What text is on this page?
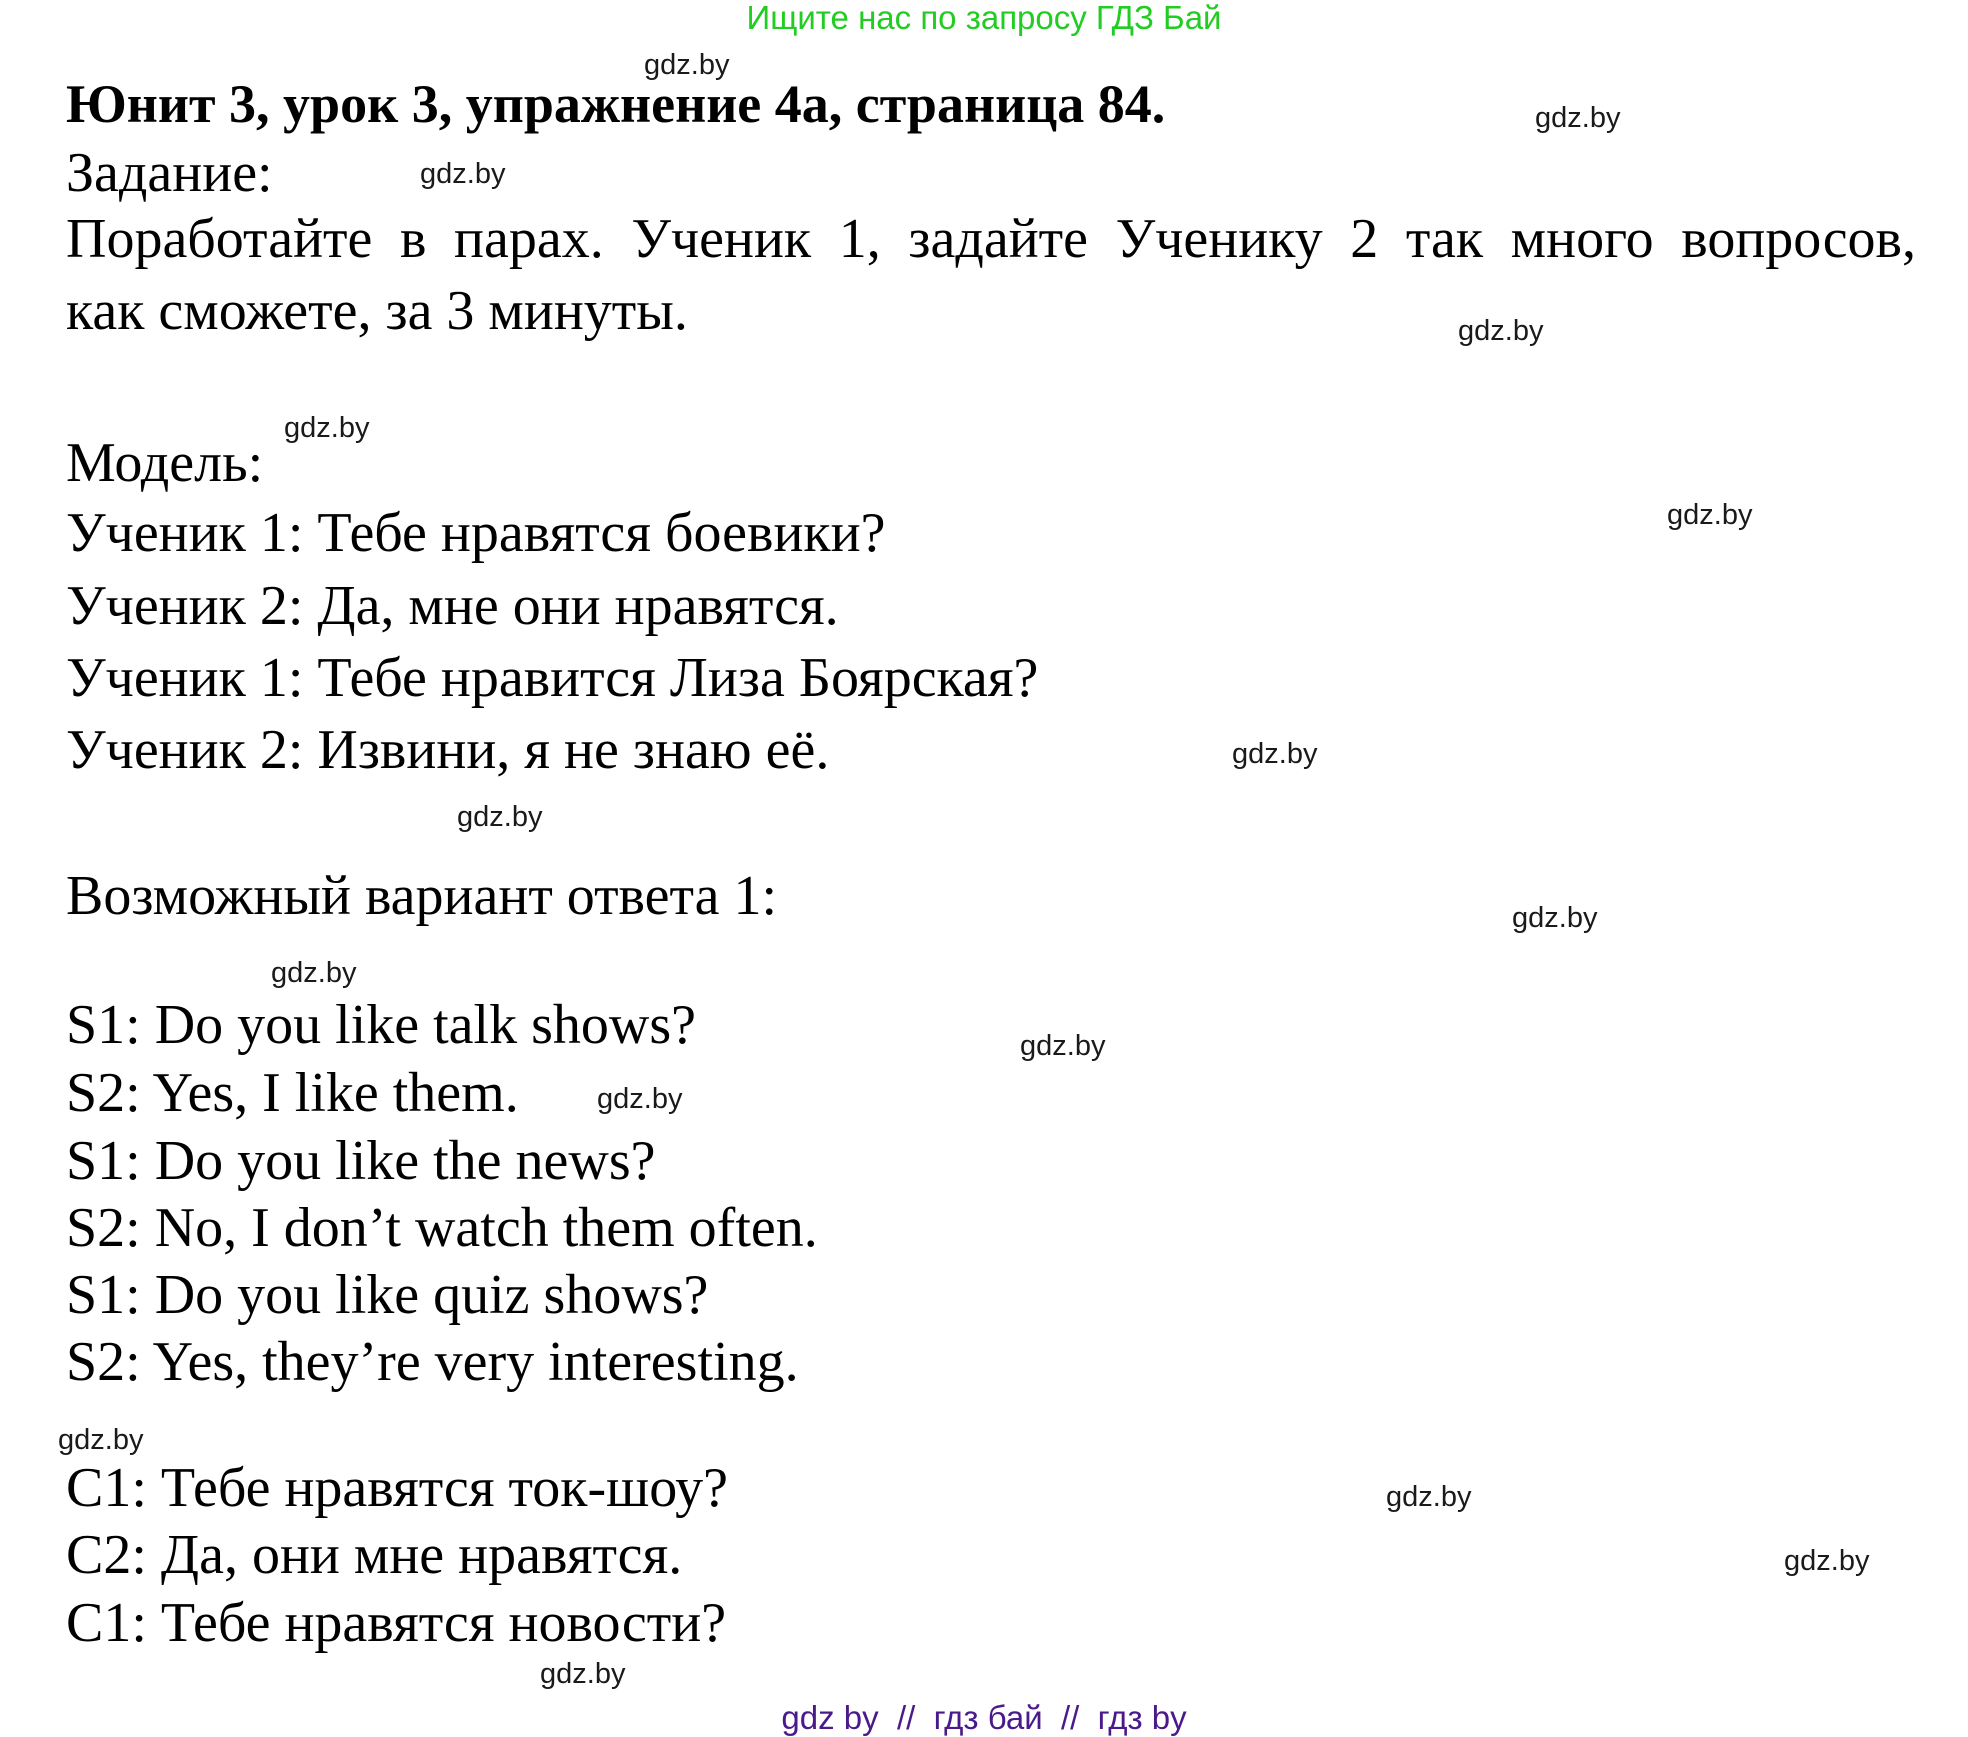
Ищите нас по запросу ГДЗ Бай
Юнит 3, урок 3, упражнение 4а, страница 84.
Задание:
Поработайте в парах. Ученик 1, задайте Ученику 2 так много вопросов,
как сможете, за 3 минуты.
Модель:
Ученик 1: Тебе нравятся боевики?
Ученик 2: Да, мне они нравятся.
Ученик 1: Тебе нравится Лиза Боярская?
Ученик 2: Извини, я не знаю её.
Возможный вариант ответа 1:
S1: Do you like talk shows?
S2: Yes, I like them.
S1: Do you like the news?
S2: No, I don’t watch them often.
S1: Do you like quiz shows?
S2: Yes, they’re very interesting.
С1: Тебе нравятся ток-шоу?
С2: Да, они мне нравятся.
С1: Тебе нравятся новости?
gdz.by
gdz.by
gdz.by
gdz.by
gdz.by
gdz.by
gdz.by
gdz.by
gdz.by
gdz.by
gdz.by
gdz.by
gdz.by
gdz.by
gdz.by
gdz.by
gdz by  //  гдз бай  //  гдз by
